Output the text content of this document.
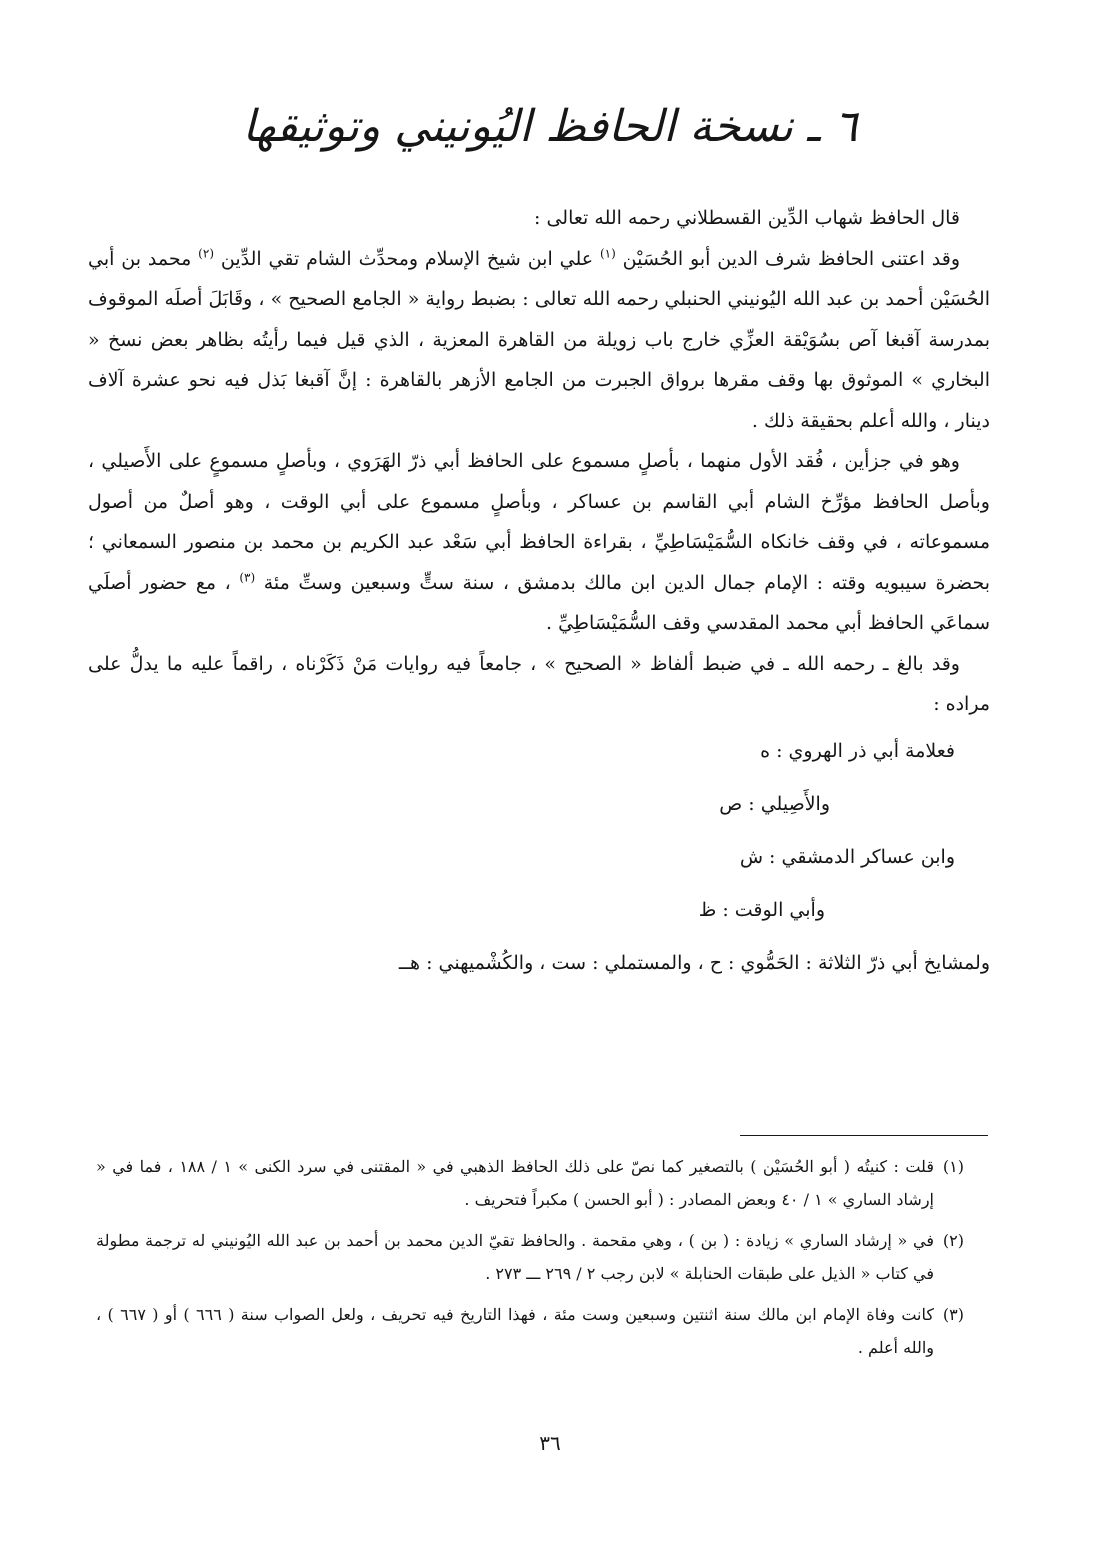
٦ ـ نسخة الحافظ اليُونيني وتوثيقها

قال الحافظ شهاب الدِّين القسطلاني رحمه الله تعالى :

وقد اعتنى الحافظ شرف الدين أبو الحُسَيْن $^{(١)}$ علي ابن شيخ الإسلام ومحدِّث الشام تقي الدِّين $^{(٢)}$ محمد بن أبي الحُسَيْن أحمد بن عبد الله اليُونيني الحنبلي رحمه الله تعالى : بضبط رواية « الجامع الصحيح » ، وقَابَلَ أصلَه الموقوف بمدرسة آقبغا آص بسُوَيْقة العزِّي خارج باب زويلة من القاهرة المعزية ، الذي قيل فيما رأيتُه بظاهر بعض نسخ « البخاري » الموثوق بها وقف مقرها برواق الجبرت من الجامع الأزهر بالقاهرة : إنَّ آقبغا بَذل فيه نحو عشرة آلاف دينار ، والله أعلم بحقيقة ذلك .

وهو في جزأين ، فُقد الأول منهما ، بأصلٍ مسموع على الحافظ أبي ذرّ الهَرَوي ، وبأصلٍ مسموعٍ على الأَصيلي ، وبأصل الحافظ مؤرِّخ الشام أبي القاسم بن عساكر ، وبأصلٍ مسموع على أبي الوقت ، وهو أصلٌ من أصول مسموعاته ، في وقف خانكاه السُّمَيْسَاطِيِّ ، بقراءة الحافظ أبي سَعْد عبد الكريم بن محمد بن منصور السمعاني ؛ بحضرة سيبويه وقته : الإمام جمال الدين ابن مالك بدمشق ، سنة ستٍّ وسبعين وستِّ مئة $^{(٣)}$ ، مع حضور أصلَي سماعَي الحافظ أبي محمد المقدسي وقف السُّمَيْسَاطِيِّ .

وقد بالغ ـ رحمه الله ـ في ضبط ألفاظ « الصحيح » ، جامعاً فيه روايات مَنْ ذَكَرْناه ، راقماً عليه ما يدلُّ على مراده :

فعلامة أبي ذر الهروي : ه
والأَصِيلي : ص
وابن عساكر الدمشقي : ش
وأبي الوقت : ظ
ولمشايخ أبي ذرّ الثلاثة : الحَمُّوي : ح ، والمستملي : ست ، والكُشْميهني : هــ

(١)
قلت : كنيتُه ( أبو الحُسَيْن ) بالتصغير كما نصّ على ذلك الحافظ الذهبي في « المقتنى في سرد الكنى » ١ / ١٨٨ ، فما في « إرشاد الساري » ١ / ٤٠ وبعض المصادر : ( أبو الحسن ) مكبراً فتحريف .

(٢)
في « إرشاد الساري » زيادة : ( بن ) ، وهي مقحمة . والحافظ تقيّ الدين محمد بن أحمد بن عبد الله اليُونيني له ترجمة مطولة في كتاب « الذيل على طبقات الحنابلة » لابن رجب ٢ / ٢٦٩ ـــ ٢٧٣ .

(٣)
كانت وفاة الإمام ابن مالك سنة اثنتين وسبعين وست مئة ، فهذا التاريخ فيه تحريف ، ولعل الصواب سنة ( ٦٦٦ ) أو ( ٦٦٧ ) ، والله أعلم .

٣٦
